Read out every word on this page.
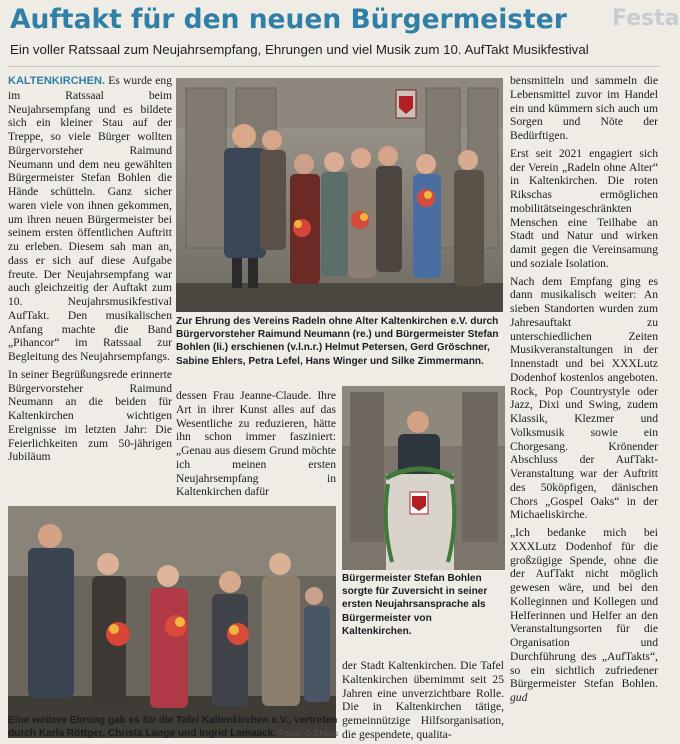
Auftakt für den neuen Bürgermeister	Festa
Ein voller Ratssaal zum Neujahrsempfang, Ehrungen und viel Musik zum 10. AufTakt Musikfestival

KALTENKIRCHEN. Es wurde eng im Ratssaal beim Neujahrsempfang und es bildete sich ein kleiner Stau auf der Treppe, so viele Bürger wollten Bürgervorsteher Raimund Neumann und dem neu gewählten Bürgermeister Stefan Bohlen die Hände schütteln. Ganz sicher waren viele von ihnen gekommen, um ihren neuen Bürgermeister bei seinem ersten öffentlichen Auftritt zu erleben. Diesem sah man an, dass er sich auf diese Aufgabe freute. Der Neujahrsempfang war auch gleichzeitig der Auftakt zum 10. Neujahrsmusikfestival AufTakt. Den musikalischen Anfang machte die Band „Pihancor“ im Ratssaal zur Begleitung des Neujahrsempfangs.

In seiner Begrüßungsrede erinnerte Bürgervorsteher Raimund Neumann an die beiden für Kaltenkirchen wichtigen Ereignisse im letzten Jahr: Die Feierlichkeiten zum 50-jährigen Jubiläum

Zur Ehrung des Vereins Radeln ohne Alter Kaltenkirchen e.V. durch Bürgervorsteher Raimund Neumann (re.) und Bürgermeister Stefan Bohlen (li.) erschienen (v.l.n.r.) Helmut Petersen, Gerd Gröschner, Sabine Ehlers, Petra Lefel, Hans Winger und Silke Zimmermann.

dessen Frau Jeanne-Claude. Ihre Art in ihrer Kunst alles auf das Wesentliche zu reduzieren, hätte ihn schon immer fasziniert: „Genau aus diesem Grund möchte ich meinen ersten Neujahrsempfang in Kaltenkirchen dafür

Bürgermeister Stefan Bohlen sorgte für Zuversicht in seiner ersten Neujahrsansprache als Bürgermeister von Kaltenkirchen.
Eine weitere Ehrung gab es für die Tafel Kaltenkirchen e.V., vertreten durch Karla Röttger, Christa Lange und Ingrid Lamaack. Fotos: G.Ehlers

der Stadt Kaltenkirchen. Die Tafel Kaltenkirchen übernimmt seit 25 Jahren eine unverzichtbare Rolle. Die in Kaltenkirchen tätige, gemeinnützige Hilfsorganisation, die gespendete, qualita-

bensmitteln und sammeln die Lebensmittel zuvor im Handel ein und kümmern sich auch um Sorgen und Nöte der Bedürftigen.

Erst seit 2021 engagiert sich der Verein „Radeln ohne Alter“ in Kaltenkirchen. Die roten Rikschas ermöglichen mobilitätseingeschränkten Menschen eine Teilhabe an Stadt und Natur und wirken damit gegen die Vereinsamung und soziale Isolation.

Nach dem Empfang ging es dann musikalisch weiter: An sieben Standorten wurden zum Jahresauftakt zu unterschiedlichen Zeiten Musikveranstaltungen in der Innenstadt und bei XXXLutz Dodenhof kostenlos angeboten. Rock, Pop Countrystyle oder Jazz, Dixi und Swing, zudem Klassik, Klezmer und Volksmusik sowie ein Chorgesang. Krönender Abschluss der AufTakt-Veranstaltung war der Auftritt des 50köpfigen, dänischen Chors „Gospel Oaks“ in der Michaeliskirche.

„Ich bedanke mich bei XXXLutz Dodenhof für die großzügige Spende, ohne die der AufTakt nicht möglich gewesen wäre, und bei den Kolleginnen und Kollegen und Helferinnen und Helfer an den Veranstaltungsorten für die Organisation und Durchführung des „AufTakts“, so ein sichtlich zufriedener Bürgermeister Stefan Bohlen. gud
